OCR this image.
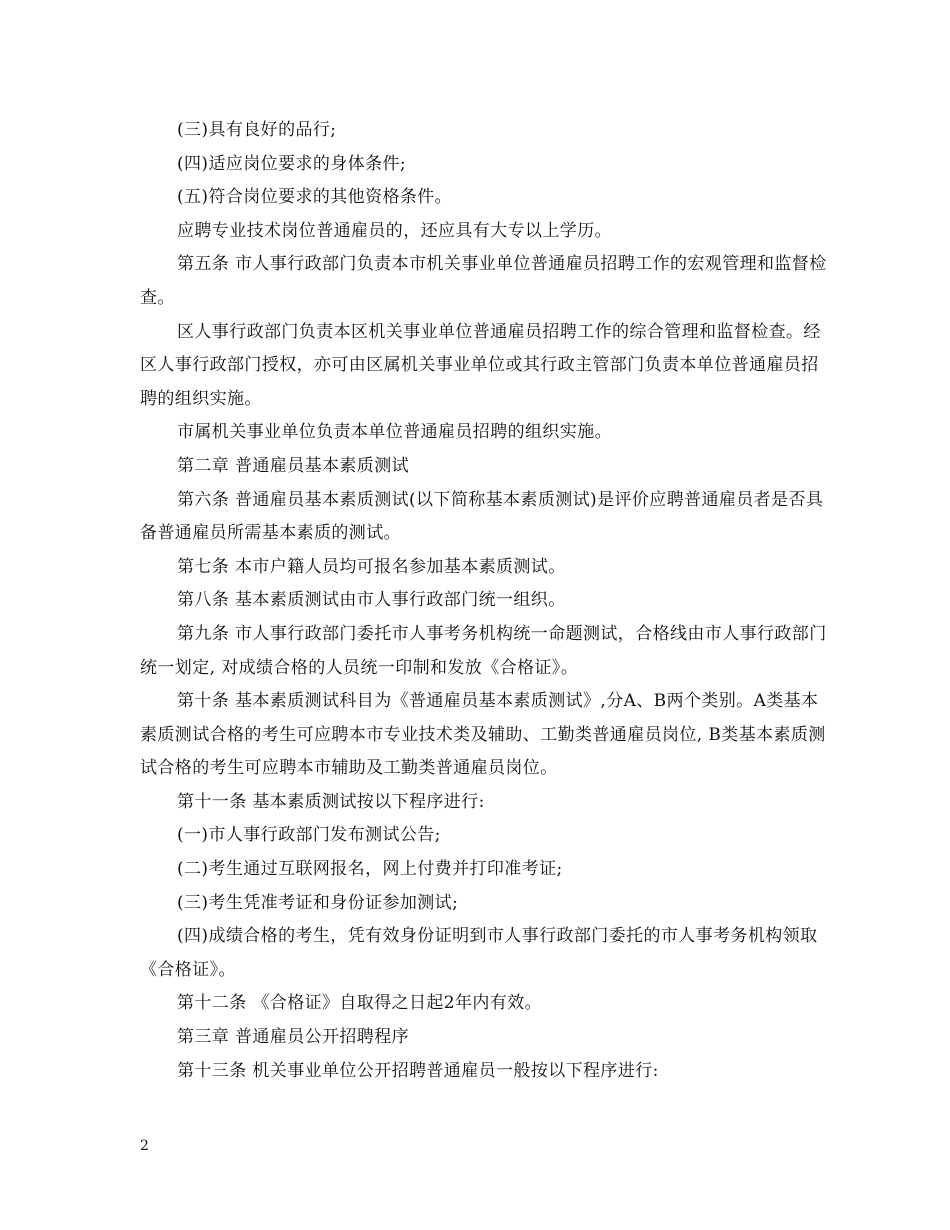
(三)具有良好的品行;

(四)适应岗位要求的身体条件;

(五)符合岗位要求的其他资格条件。

应聘专业技术岗位普通雇员的，还应具有大专以上学历。

第五条 市人事行政部门负责本市机关事业单位普通雇员招聘工作的宏观管理和监督检查。

区人事行政部门负责本区机关事业单位普通雇员招聘工作的综合管理和监督检查。经区人事行政部门授权，亦可由区属机关事业单位或其行政主管部门负责本单位普通雇员招聘的组织实施。

市属机关事业单位负责本单位普通雇员招聘的组织实施。

第二章 普通雇员基本素质测试

第六条 普通雇员基本素质测试(以下简称基本素质测试)是评价应聘普通雇员者是否具备普通雇员所需基本素质的测试。

第七条 本市户籍人员均可报名参加基本素质测试。

第八条 基本素质测试由市人事行政部门统一组织。

第九条 市人事行政部门委托市人事考务机构统一命题测试，合格线由市人事行政部门统一划定, 对成绩合格的人员统一印制和发放《合格证》。

第十条 基本素质测试科目为《普通雇员基本素质测试》,分A、B两个类别。A类基本素质测试合格的考生可应聘本市专业技术类及辅助、工勤类普通雇员岗位, B类基本素质测试合格的考生可应聘本市辅助及工勤类普通雇员岗位。

第十一条 基本素质测试按以下程序进行:

(一)市人事行政部门发布测试公告;

(二)考生通过互联网报名，网上付费并打印准考证;

(三)考生凭准考证和身份证参加测试;

(四)成绩合格的考生，凭有效身份证明到市人事行政部门委托的市人事考务机构领取《合格证》。

第十二条 《合格证》自取得之日起2年内有效。

第三章 普通雇员公开招聘程序

第十三条 机关事业单位公开招聘普通雇员一般按以下程序进行:

2
